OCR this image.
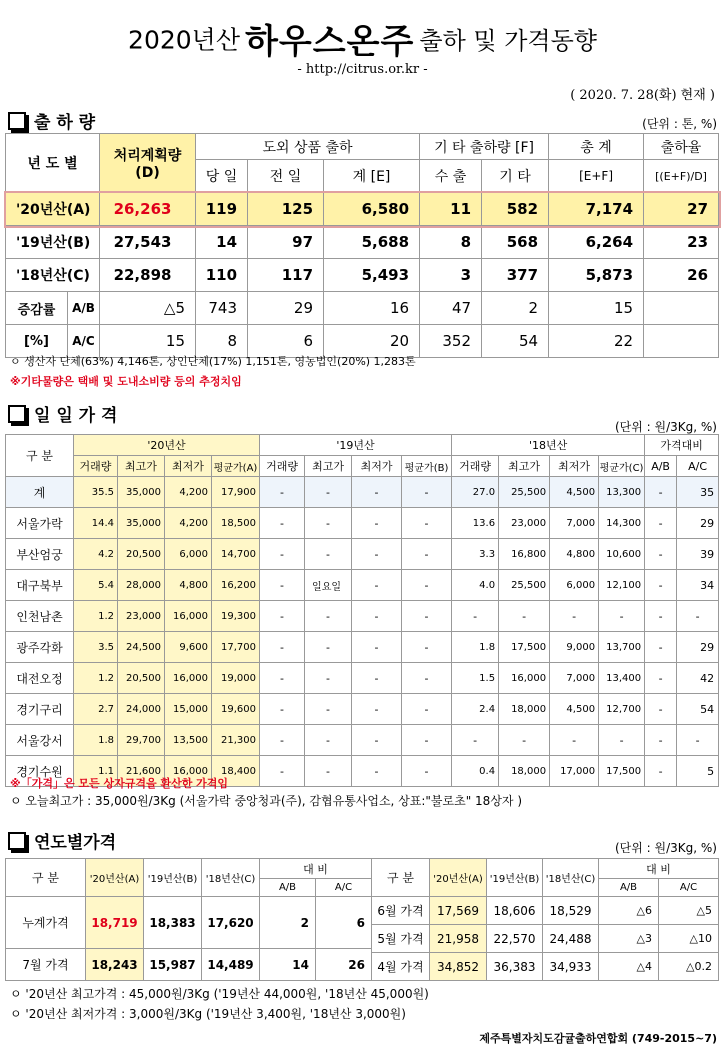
2020년산 하우스온주 출하 및 가격동향
- http://citrus.or.kr -
( 2020. 7. 28(화) 현재 )
출 하 량	(단위 : 톤, %)
년 도 별		처리계획량
(D)	도외 상품 출하			기 타 출하량 [F]		총 계	출하율
			당 일	전 일	계 [E]	수 출	기 타	[E+F]	[(E+F)/D]
'20년산(A)		26,263	119	125	6,580	11	582	7,174	27
'19년산(B)		27,543	14	97	5,688	8	568	6,264	23
'18년산(C)		22,898	110	117	5,493	3	377	5,873	26
증감률	A/B	△5	743	29	16	47	2	15	
[%]	A/C	15	8	6	20	352	54	22	
ㅇ 생산자 단체(63%) 4,146톤, 상인단체(17%) 1,151톤, 영농법인(20%) 1,283톤
※기타물량은 택배 및 도내소비량 등의 추정치임
일 일 가 격
(단위 : 원/3Kg, %)
구 분	'20년산				'19년산				'18년산				가격대비	
	거래량	최고가	최저가	평균가(A)	거래량	최고가	최저가	평균가(B)	거래량	최고가	최저가	평균가(C)	A/B	A/C
계	35.5	35,000	4,200	17,900	-	-	-	-	27.0	25,500	4,500	13,300	-	35
서울가락	14.4	35,000	4,200	18,500	-	-	-	-	13.6	23,000	7,000	14,300	-	29
부산엄궁	4.2	20,500	6,000	14,700	-	-	-	-	3.3	16,800	4,800	10,600	-	39
대구북부	5.4	28,000	4,800	16,200	-	일요일	-	-	4.0	25,500	6,000	12,100	-	34
인천남촌	1.2	23,000	16,000	19,300	-	-	-	-	-	-	-	-	-	-
광주각화	3.5	24,500	9,600	17,700	-	-	-	-	1.8	17,500	9,000	13,700	-	29
대전오정	1.2	20,500	16,000	19,000	-	-	-	-	1.5	16,000	7,000	13,400	-	42
경기구리	2.7	24,000	15,000	19,600	-	-	-	-	2.4	18,000	4,500	12,700	-	54
서울강서	1.8	29,700	13,500	21,300	-	-	-	-	-	-	-	-	-	-
경기수원	1.1	21,600	16,000	18,400	-	-	-	-	0.4	18,000	17,000	17,500	-	5
※「가격」은 모든 상자규격을 환산한 가격임
ㅇ 오늘최고가 : 35,000원/3Kg (서울가락 중앙청과(주), 감협유통사업소, 상표:"불로초" 18상자 )
연도별가격	(단위 : 원/3Kg, %)
구 분	'20년산(A)	'19년산(B)	'18년산(C)	대 비	
				A/B	A/C
누계가격	18,719	18,383	17,620	2	6
7월 가격	18,243	15,987	14,489	14	26
구 분	'20년산(A)	'19년산(B)	'18년산(C)	대 비	
				A/B	A/C
6월 가격	17,569	18,606	18,529	△6	△5
5월 가격	21,958	22,570	24,488	△3	△10
4월 가격	34,852	36,383	34,933	△4	△0.2
ㅇ '20년산 최고가격 : 45,000원/3Kg ('19년산 44,000원, '18년산 45,000원)
ㅇ '20년산 최저가격 : 3,000원/3Kg ('19년산 3,400원, '18년산 3,000원)
제주특별자치도감귤출하연합회 (749-2015~7)
